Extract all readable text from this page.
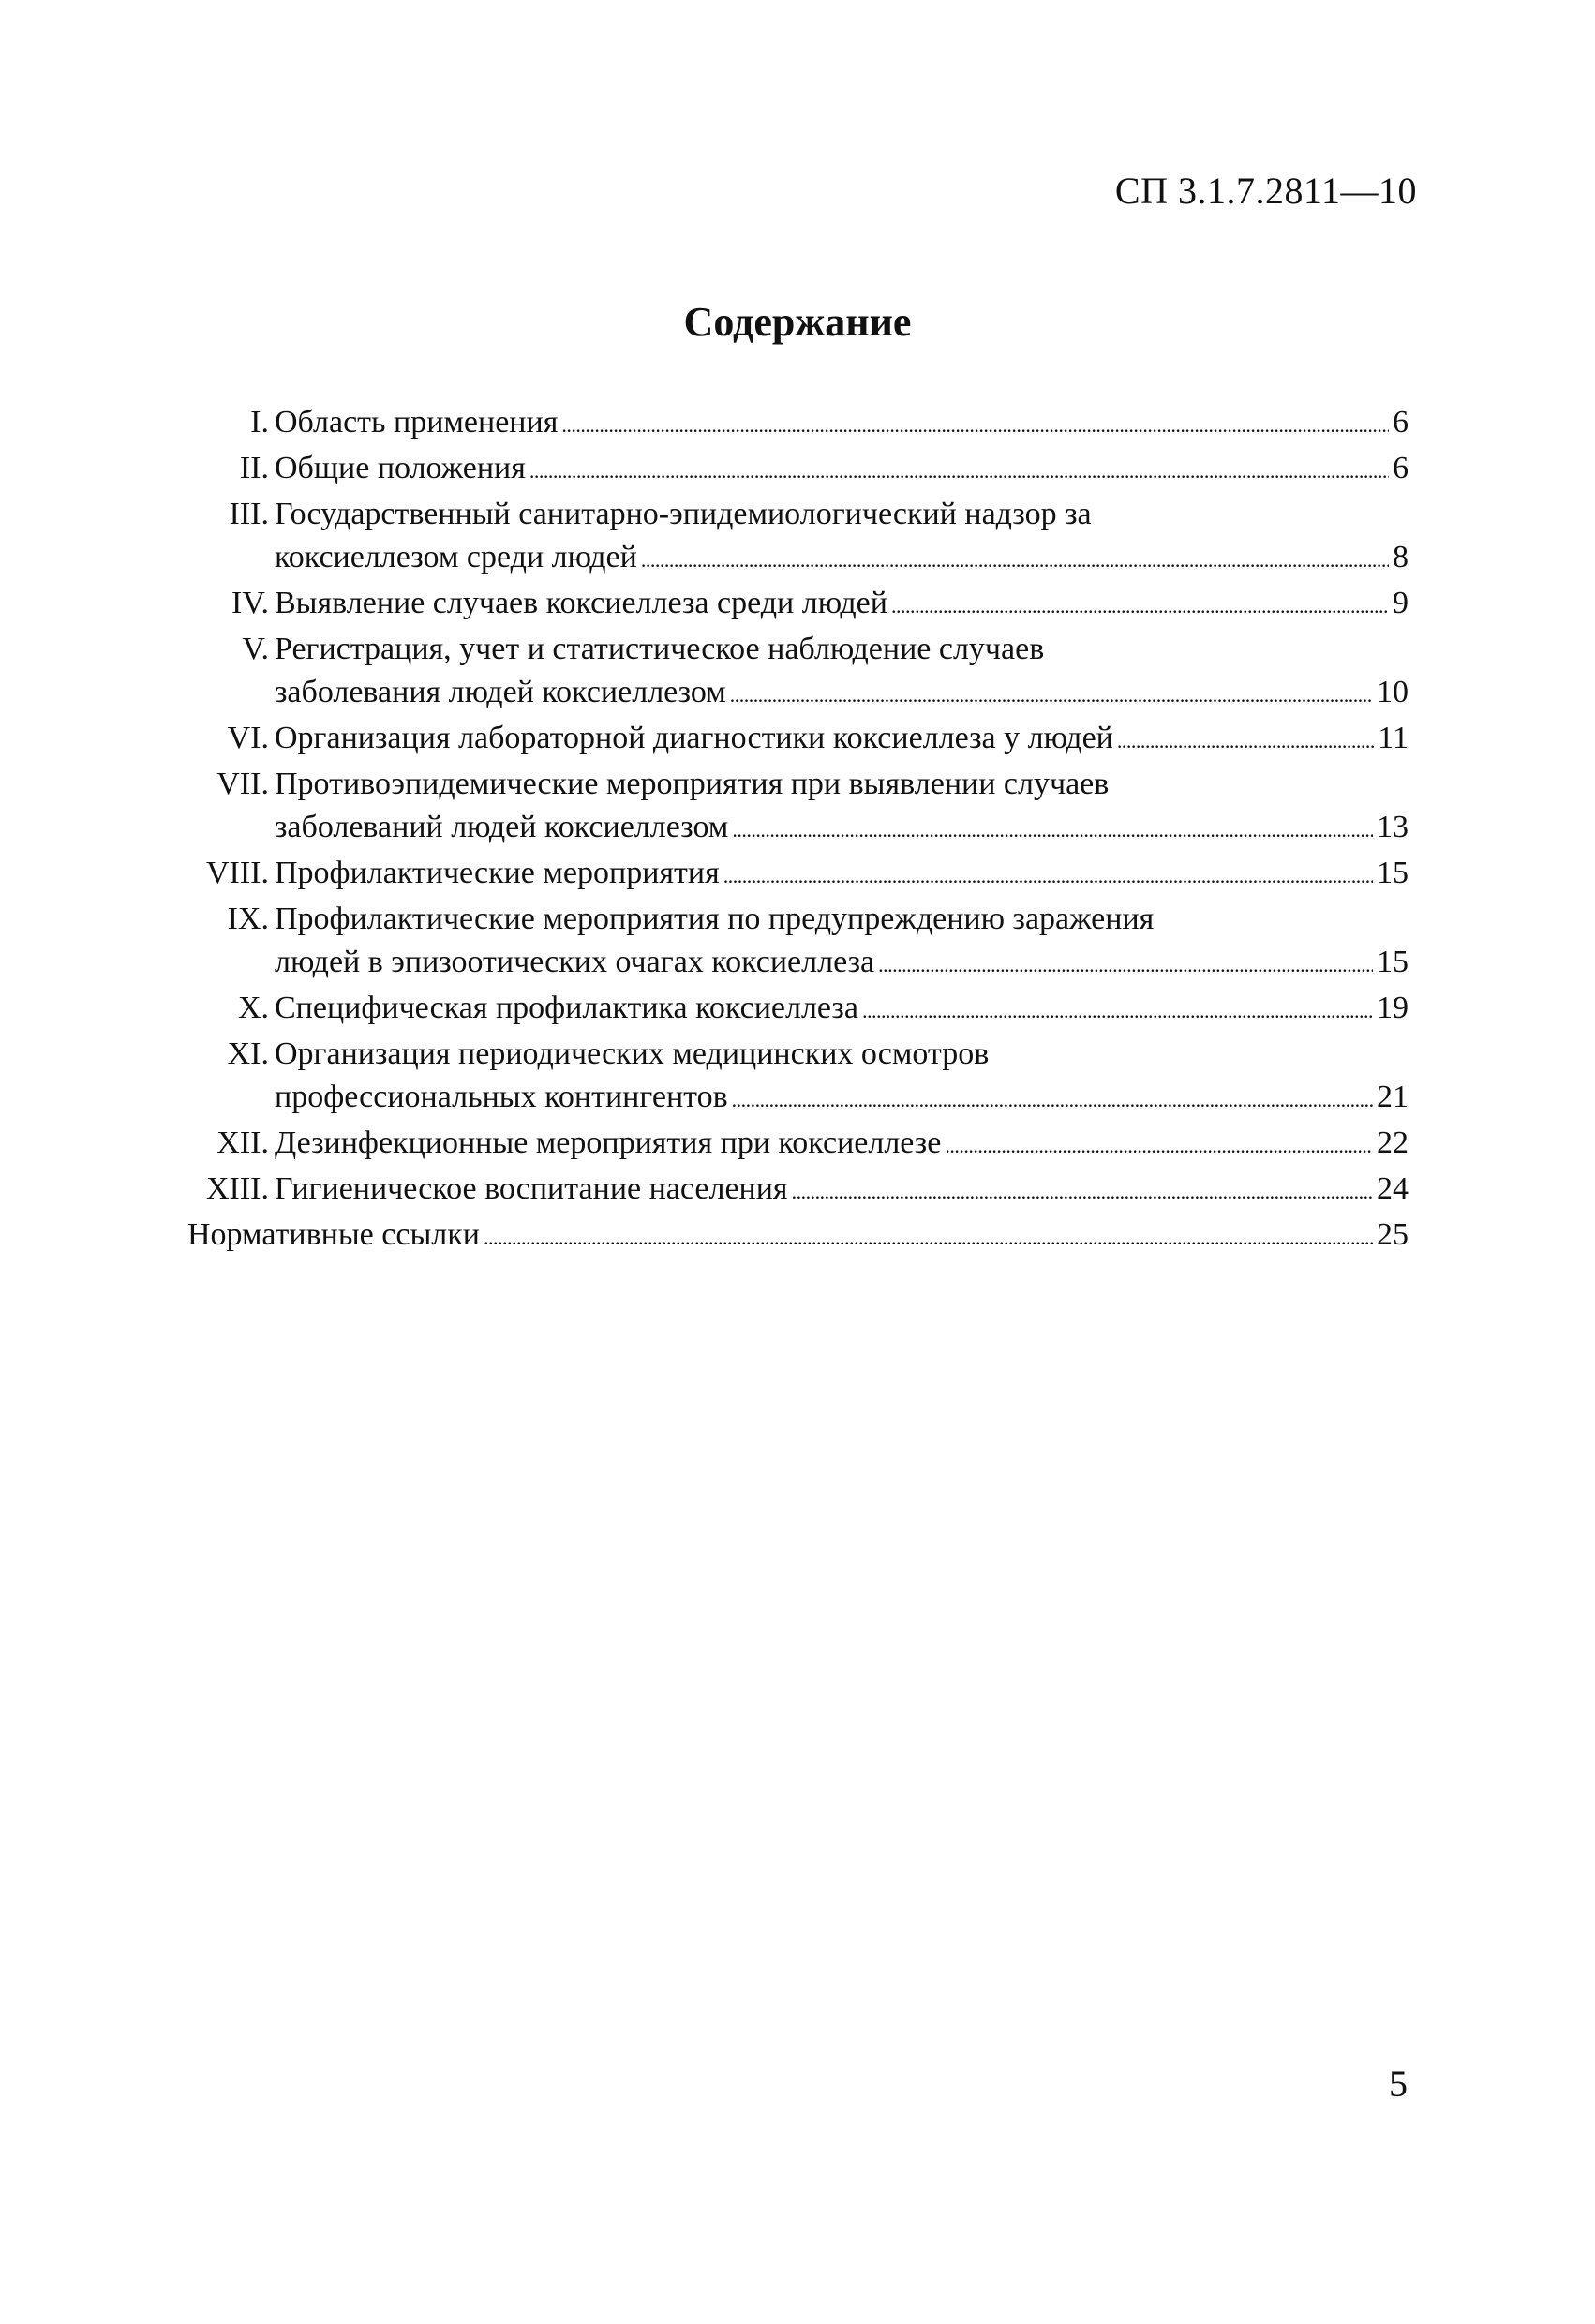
СП 3.1.7.2811—10
Содержание
I. Область применения . . .	6
II. Общие положения . . .	6
III. Государственный санитарно-эпидемиологический надзор за
коксиеллезом среди людей . . .	8
IV. Выявление случаев коксиеллеза среди людей . . .	9
V. Регистрация, учет и статистическое наблюдение случаев
заболевания людей коксиеллезом . . .	10
VI. Организация лабораторной диагностики коксиеллеза у людей . . .	11
VII. Противоэпидемические мероприятия при выявлении случаев
заболеваний людей коксиеллезом . . .	13
VIII. Профилактические мероприятия . . .	15
IX. Профилактические мероприятия по предупреждению заражения
людей в эпизоотических очагах коксиеллеза . . .	15
X. Специфическая профилактика коксиеллеза . . .	19
XI. Организация периодических медицинских осмотров
профессиональных контингентов . . .	21
XII. Дезинфекционные мероприятия при коксиеллезе . . .	22
XIII. Гигиеническое воспитание населения . . .	24
Нормативные ссылки . . .	25
5
